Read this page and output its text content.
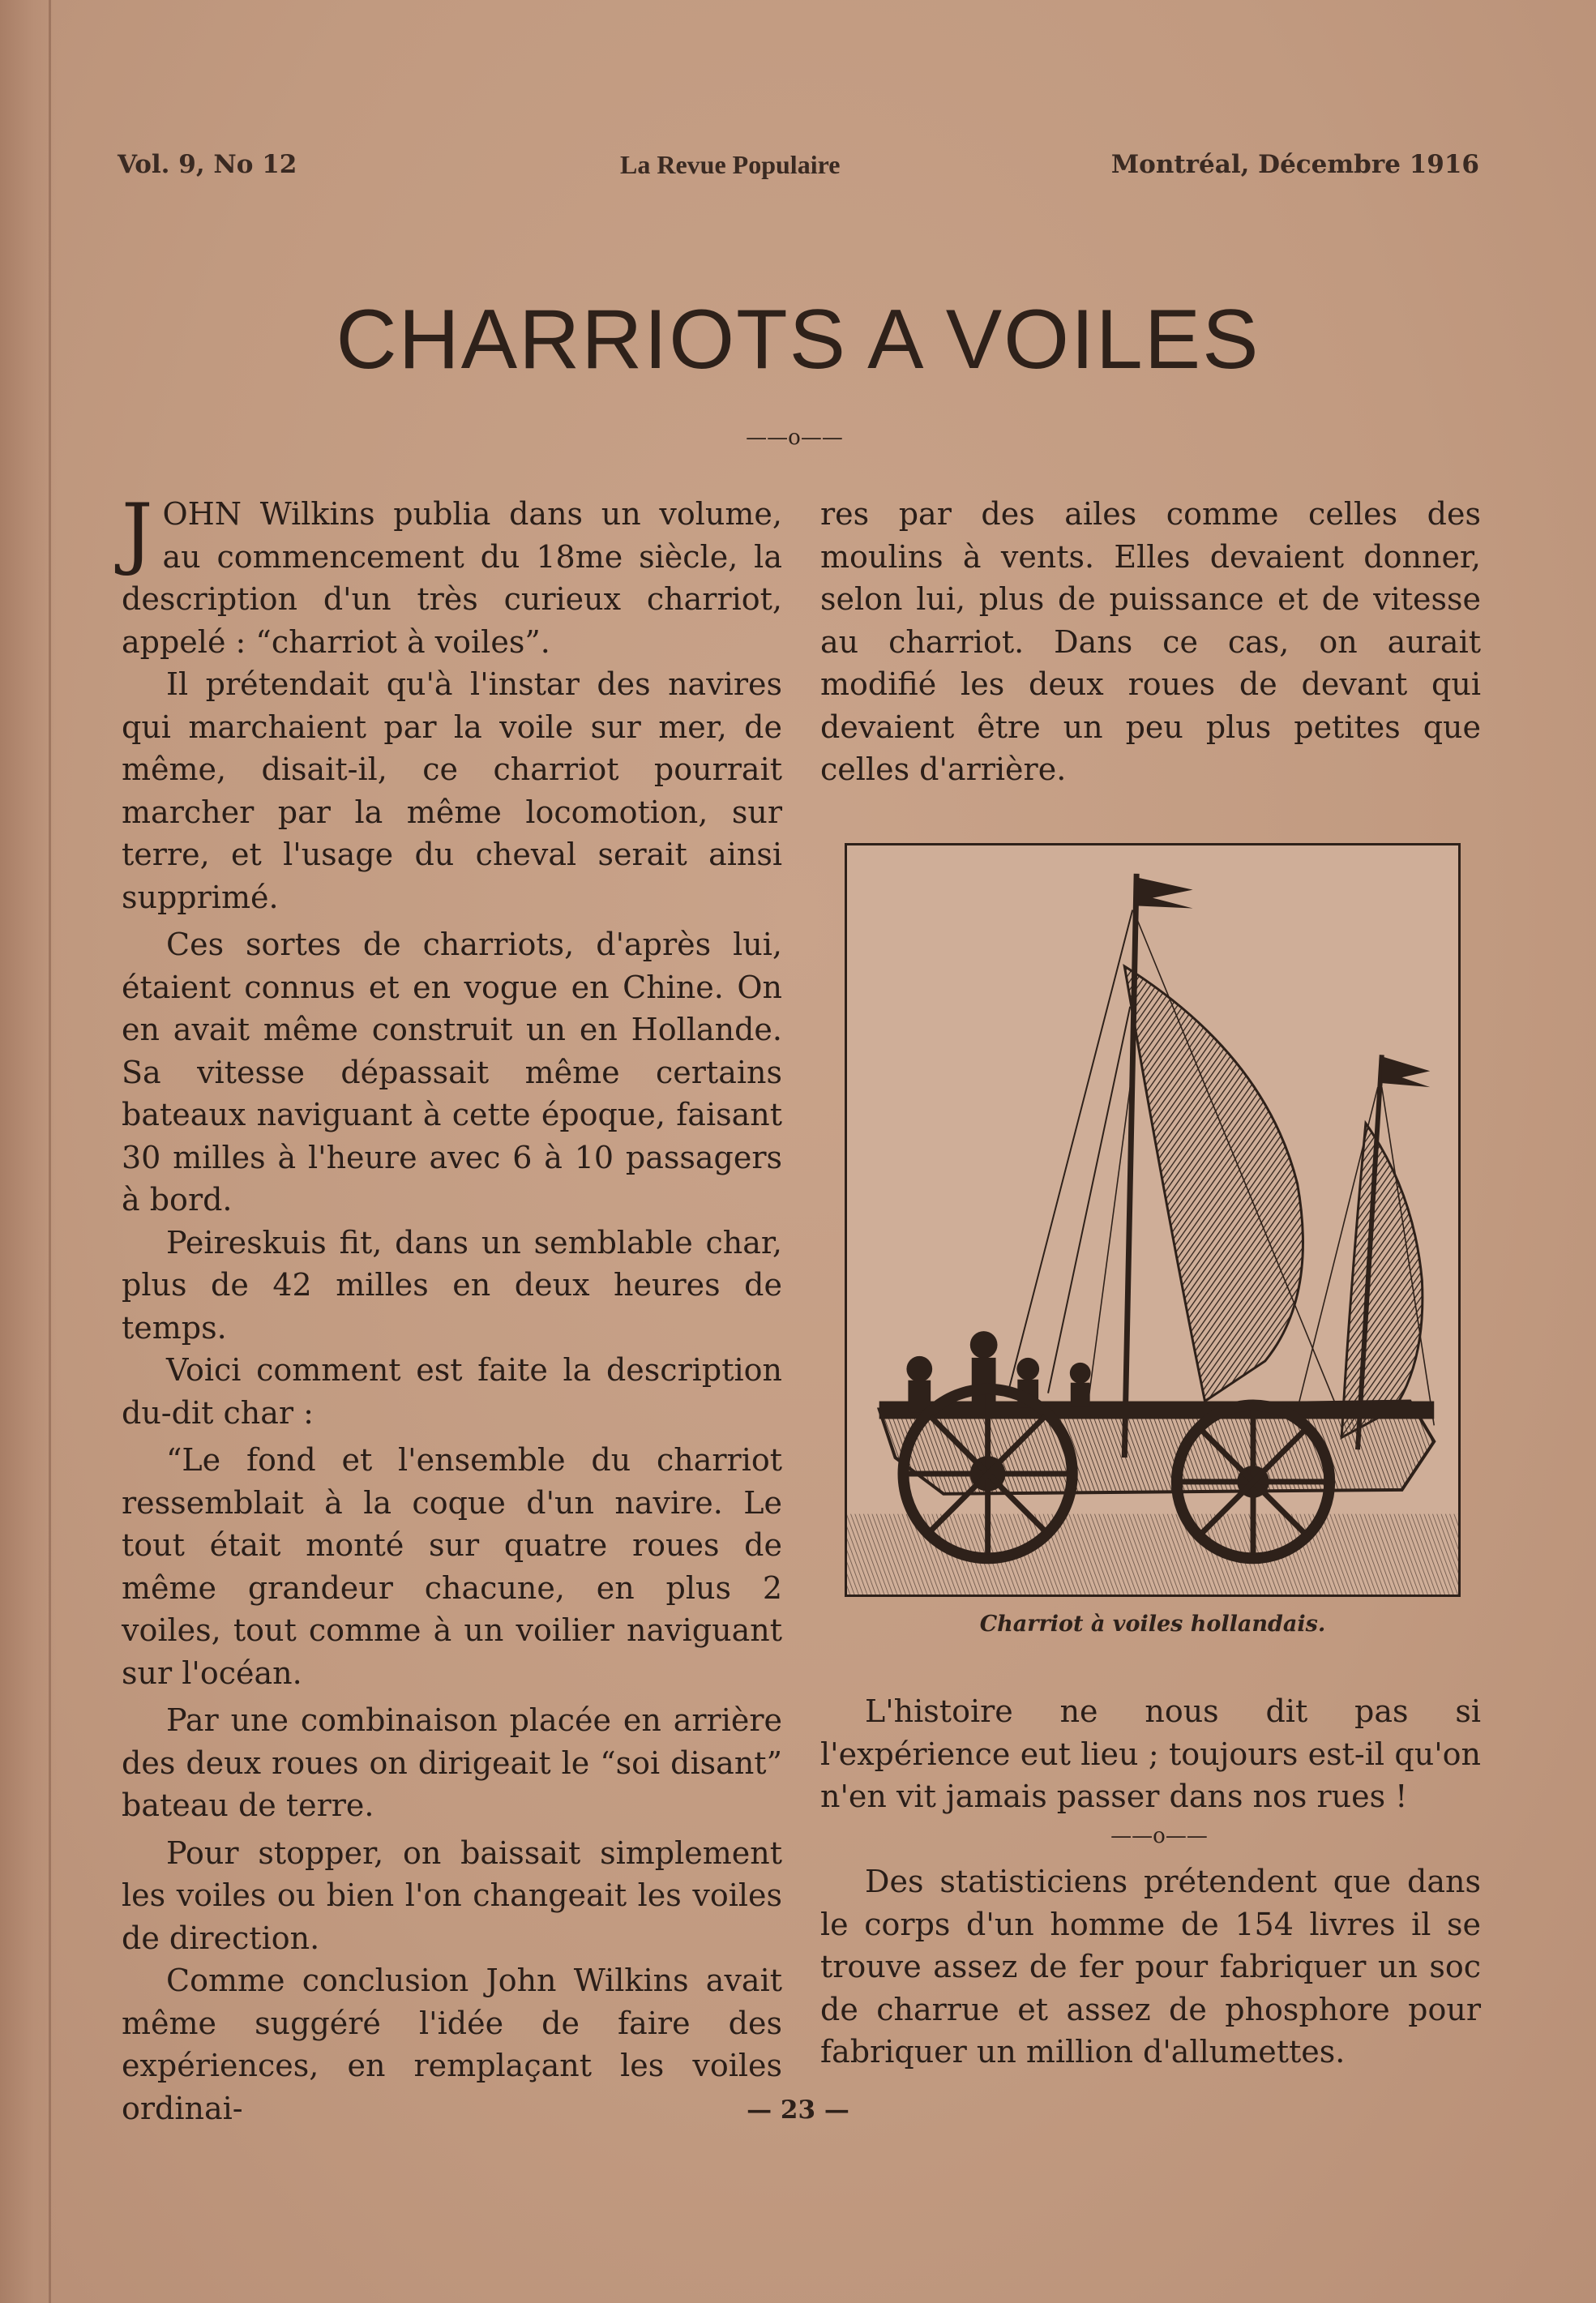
Vol. 9, No 12	La Revue Populaire	Montréal, Décembre 1916
CHARRIOTS A VOILES
——o——

JOHN Wilkins publia dans un volume, au commencement du 18me siècle, la description d'un très curieux charriot, appelé : “charriot à voiles”.

Il prétendait qu'à l'instar des navires qui marchaient par la voile sur mer, de même, disait-il, ce charriot pourrait marcher par la même locomotion, sur terre, et l'usage du cheval serait ainsi supprimé.

Ces sortes de charriots, d'après lui, étaient connus et en vogue en Chine. On en avait même construit un en Hollande. Sa vitesse dépassait même certains bateaux naviguant à cette époque, faisant 30 milles à l'heure avec 6 à 10 passagers à bord.

Peireskuis fit, dans un semblable char, plus de 42 milles en deux heures de temps.

Voici comment est faite la description du-dit char :

“Le fond et l'ensemble du charriot ressemblait à la coque d'un navire. Le tout était monté sur quatre roues de même grandeur chacune, en plus 2 voiles, tout comme à un voilier naviguant sur l'océan.

Par une combinaison placée en arrière des deux roues on dirigeait le “soi disant” bateau de terre.

Pour stopper, on baissait simplement les voiles ou bien l'on changeait les voiles de direction.

Comme conclusion John Wilkins avait même suggéré l'idée de faire des expériences, en remplaçant les voiles ordinai-

res par des ailes comme celles des moulins à vents. Elles devaient donner, selon lui, plus de puissance et de vitesse au charriot. Dans ce cas, on aurait modifié les deux roues de devant qui devaient être un peu plus petites que celles d'arrière.

Charriot à voiles hollandais.

L'histoire ne nous dit pas si l'expérience eut lieu ; toujours est-il qu'on n'en vit jamais passer dans nos rues !

——o——

Des statisticiens prétendent que dans le corps d'un homme de 154 livres il se trouve assez de fer pour fabriquer un soc de charrue et assez de phosphore pour fabriquer un million d'allumettes.

— 23 —
